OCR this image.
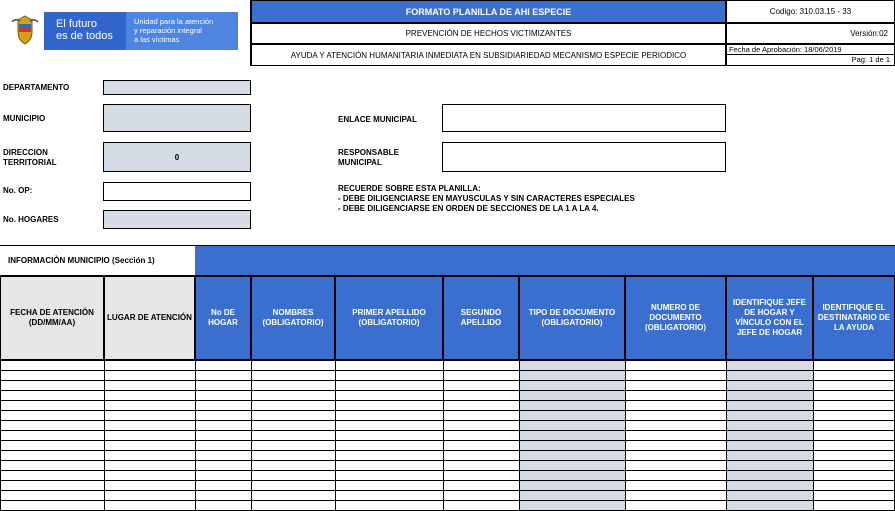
El futuro
es de todos
Unidad para la atención
y reparación integral
a las víctimas
FORMATO PLANILLA DE AHI ESPECIE
PREVENCIÓN DE HECHOS VICTIMIZANTES
AYUDA Y ATENCIÓN HUMANITARIA INMEDIATA EN SUBSIDIARIEDAD MECANISMO ESPECIE PERIODICO
Codigo: 310.03.15 - 33
Versión:02
Fecha de Aprobación: 18/06/2019
Pag: 1 de 1
DEPARTAMENTO
MUNICIPIO
DIRECCION
TERRITORIAL
0
No. OP:
No. HOGARES
ENLACE MUNICIPAL
RESPONSABLE
MUNICIPAL
RECUERDE SOBRE ESTA PLANILLA:
- DEBE DILIGENCIARSE EN MAYUSCULAS Y SIN CARACTERES ESPECIALES
- DEBE DILIGENCIARSE EN ORDEN DE SECCIONES DE LA 1 A LA 4.
INFORMACIÒN MUNICIPIO (Sección 1)
FECHA DE ATENCIÓN (DD/MM/AA)
LUGAR DE ATENCIÓN
No DE HOGAR
NOMBRES (OBLIGATORIO)
PRIMER APELLIDO (OBLIGATORIO)
SEGUNDO APELLIDO
TIPO DE DOCUMENTO (OBLIGATORIO)
NUMERO DE DOCUMENTO (OBLIGATORIO)
IDENTIFIQUE JEFE DE HOGAR Y VÍNCULO CON EL JEFE DE HOGAR
IDENTIFIQUE EL DESTINATARIO DE LA AYUDA
